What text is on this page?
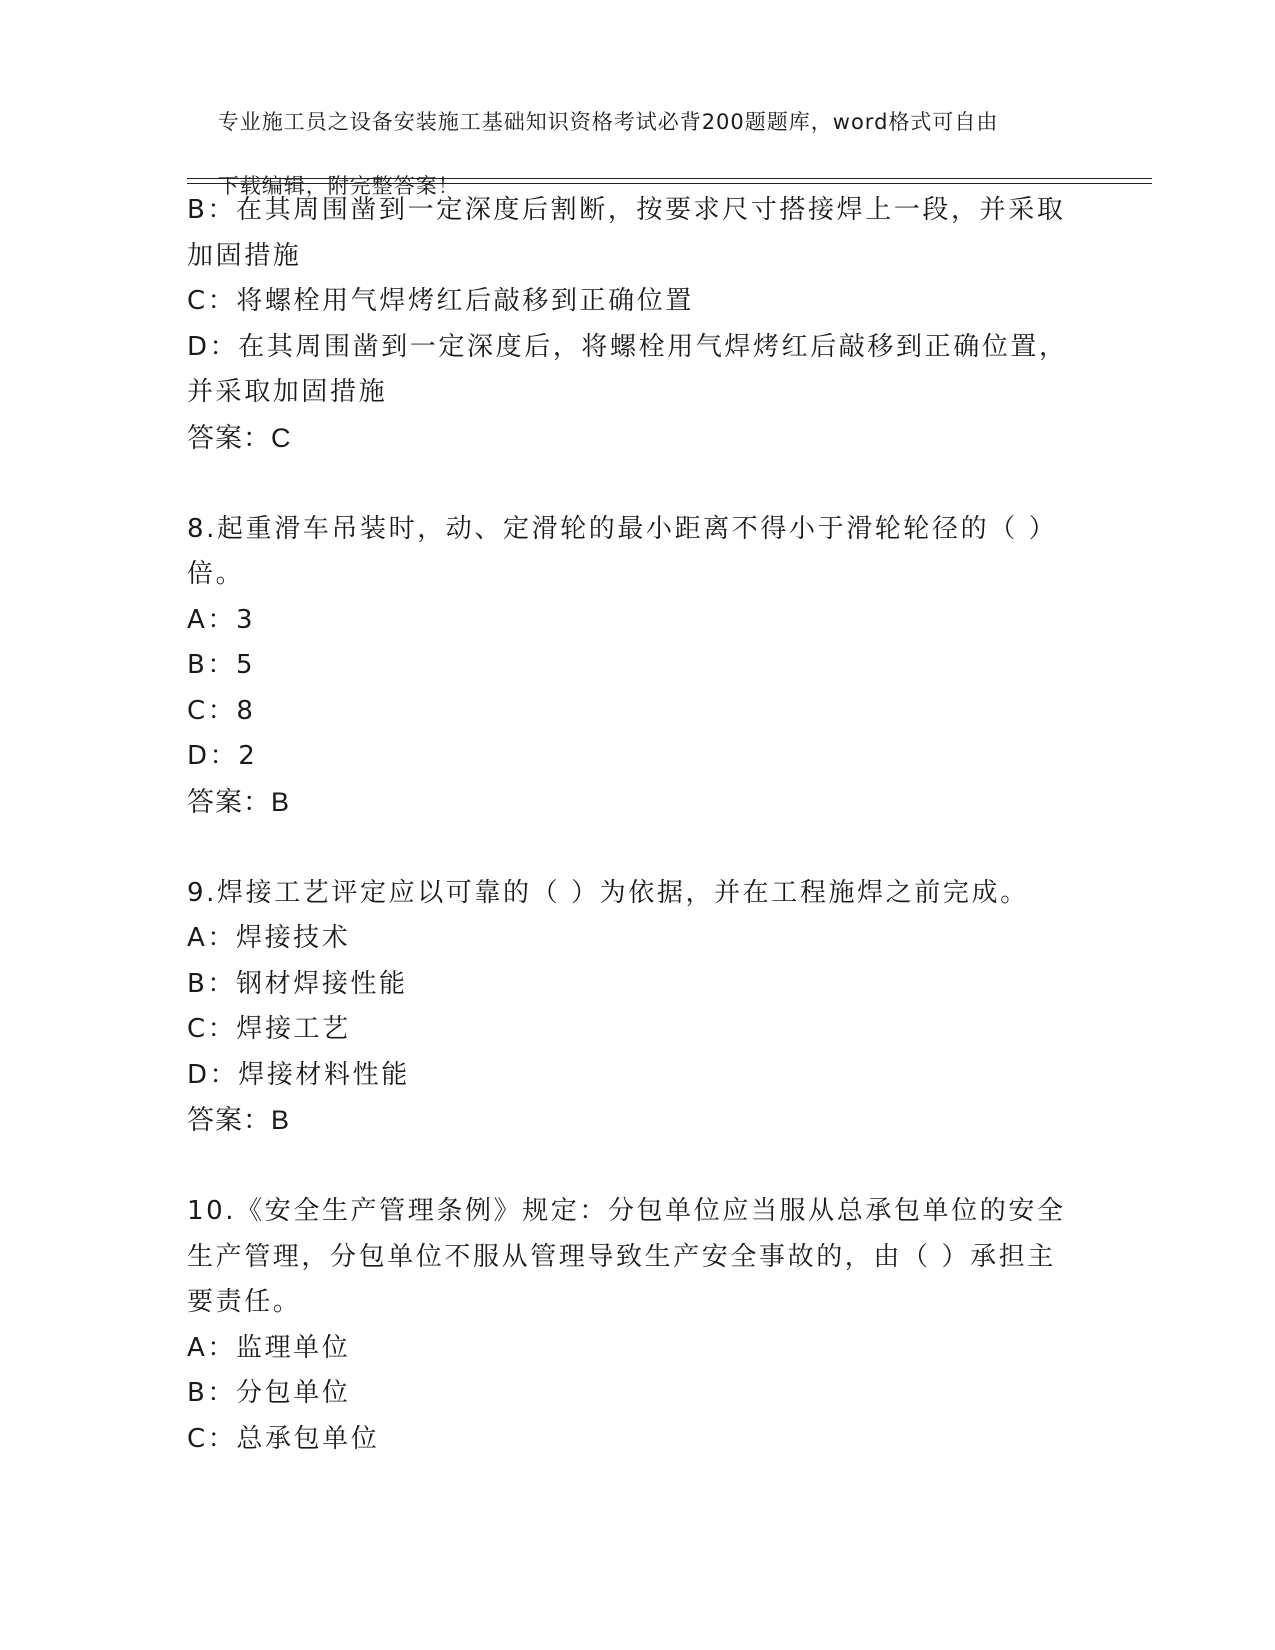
专业施工员之设备安装施工基础知识资格考试必背200题题库，word格式可自由

下载编辑，附完整答案！

B：在其周围凿到一定深度后割断，按要求尺寸搭接焊上一段，并采取
加固措施
C：将螺栓用气焊烤红后敲移到正确位置
D：在其周围凿到一定深度后，将螺栓用气焊烤红后敲移到正确位置，
并采取加固措施
答案：C
8.起重滑车吊装时，动、定滑轮的最小距离不得小于滑轮轮径的（ ）
倍。
A：3
B：5
C：8
D：2
答案：B
9.焊接工艺评定应以可靠的（ ）为依据，并在工程施焊之前完成。
A：焊接技术
B：钢材焊接性能
C：焊接工艺
D：焊接材料性能
答案：B
10.《安全生产管理条例》规定：分包单位应当服从总承包单位的安全
生产管理，分包单位不服从管理导致生产安全事故的，由（ ）承担主
要责任。
A：监理单位
B：分包单位
C：总承包单位
